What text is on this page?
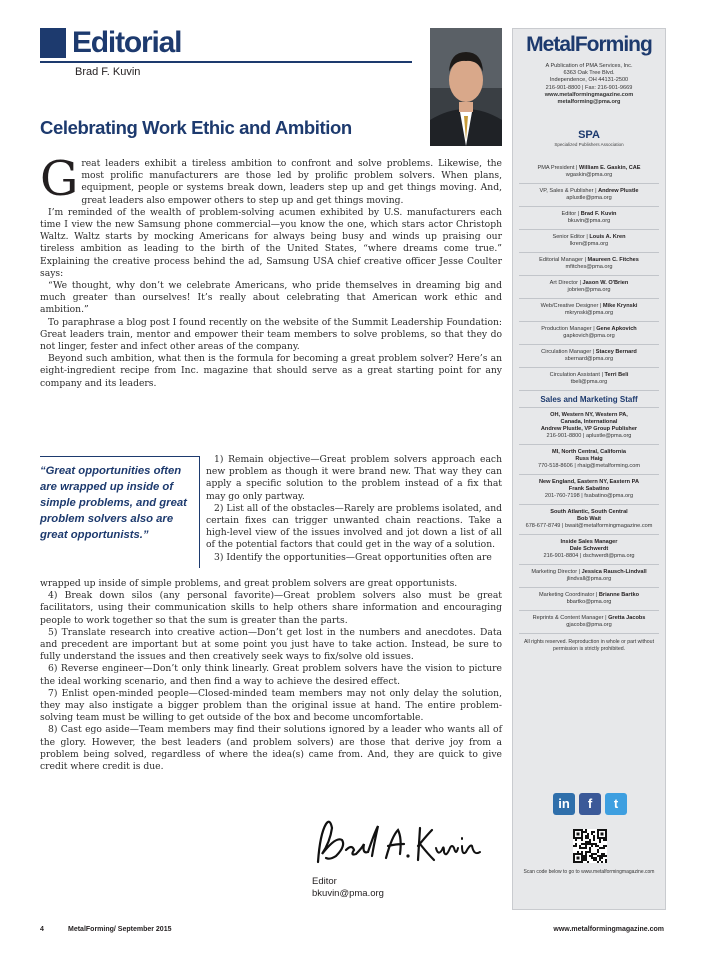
Editorial
Brad F. Kuvin
Celebrating Work Ethic and Ambition
G reat leaders exhibit a tireless ambition to confront and solve problems. Likewise, the most prolific manufacturers are those led by prolific problem solvers. When plans, equipment, people or systems break down, leaders step up and get things moving. And, great leaders also empower others to step up and get things moving.

I’m reminded of the wealth of problem-solving acumen exhibited by U.S. manufacturers each time I view the new Samsung phone commercial—you know the one, which stars actor Christoph Waltz. Waltz starts by mocking Americans for always being busy and winds up praising our tireless ambition as leading to the birth of the United States, “where dreams come true.” Explaining the creative process behind the ad, Samsung USA chief creative officer Jesse Coulter says:

“We thought, why don’t we celebrate Americans, who pride themselves in dreaming big and much greater than ourselves! It’s really about celebrating that American work ethic and ambition.”

To paraphrase a blog post I found recently on the website of the Summit Leadership Foundation: Great leaders train, mentor and empower their team members to solve problems, so that they do not linger, fester and infect other areas of the company.

Beyond such ambition, what then is the formula for becoming a great problem solver? Here’s an eight-ingredient recipe from Inc. magazine that should serve as a great starting point for any company and its leaders.

“Great opportunities often are wrapped up inside of simple problems, and great problem solvers also are great opportunists.”

1) Remain objective—Great problem solvers approach each new problem as though it were brand new. That way they can apply a specific solution to the problem instead of a fix that may go only partway.

2) List all of the obstacles—Rarely are problems isolated, and certain fixes can trigger unwanted chain reactions. Take a high-level view of the issues involved and jot down a list of all of the potential factors that could get in the way of a solution.

3) Identify the opportunities—Great opportunities often are

wrapped up inside of simple problems, and great problem solvers are great opportunists.

4) Break down silos (any personal favorite)—Great problem solvers also must be great facilitators, using their communication skills to help others share information and encouraging people to work together so that the sum is greater than the parts.

5) Translate research into creative action—Don’t get lost in the numbers and anecdotes. Data and precedent are important but at some point you just have to take action. Instead, be sure to fully understand the issues and then creatively seek ways to fix/solve old issues.

6) Reverse engineer—Don’t only think linearly. Great problem solvers have the vision to picture the ideal working scenario, and then find a way to achieve the desired effect.

7) Enlist open-minded people—Closed-minded team members may not only delay the solution, they may also instigate a bigger problem than the original issue at hand. The entire problem-solving team must be willing to get outside of the box and become uncomfortable.

8) Cast ego aside—Team members may find their solutions ignored by a leader who wants all of the glory. However, the best leaders (and problem solvers) are those that derive joy from a problem being solved, regardless of where the idea(s) came from. And, they are quick to give credit where credit is due.

Editor
bkuvin@pma.org
4	MetalForming/ September 2015	www.metalformingmagazine.com
MetalForming
A Publication of PMA Services, Inc.
6363 Oak Tree Blvd.
Independence, OH 44131-2500
216-901-8800 | Fax: 216-901-9669
www.metalformingmagazine.com
metalforming@pma.org
SPA
Specialized Publishers Association
PMA President | William E. Gaskin, CAE
wgaskin@pma.org
VP, Sales & Publisher | Andrew Plustle
aplustle@pma.org
Editor | Brad F. Kuvin
bkuvin@pma.org
Senior Editor | Louis A. Kren
lkren@pma.org
Editorial Manager | Maureen C. Fitches
mfitches@pma.org
Art Director | Jason W. O'Brien
jobrien@pma.org
Web/Creative Designer | Mike Krynski
mkrynski@pma.org
Production Manager | Gene Apkovich
gapkovich@pma.org
Circulation Manager | Stacey Bernard
sbernard@pma.org
Circulation Assistant | Terri Beli
tbeli@pma.org
Sales and Marketing Staff
OH, Western NY, Western PA,
Canada, International
Andrew Plustle, VP Group Publisher
216-901-8800 | aplustle@pma.org
MI, North Central, California
Russ Haig
770-518-8606 | rhaig@metalforming.com
New England, Eastern NY, Eastern PA
Frank Sabatino
201-760-7198 | fsabatino@pma.org
South Atlantic, South Central
Bob Wait
678-677-8749 | bwait@metalformingmagazine.com
Inside Sales Manager
Dale Schwerdt
216-901-8804 | dschwerdt@pma.org
Marketing Director | Jessica Rausch-Lindvall
jlindvall@pma.org
Marketing Coordinator | Brianne Bartko
bbartko@pma.org
Reprints & Content Manager | Gretta Jacobs
gjacobs@pma.org
All rights reserved. Reproduction in whole or part without permission is strictly prohibited.
in	f	t
Scan code below to go to www.metalformingmagazine.com
